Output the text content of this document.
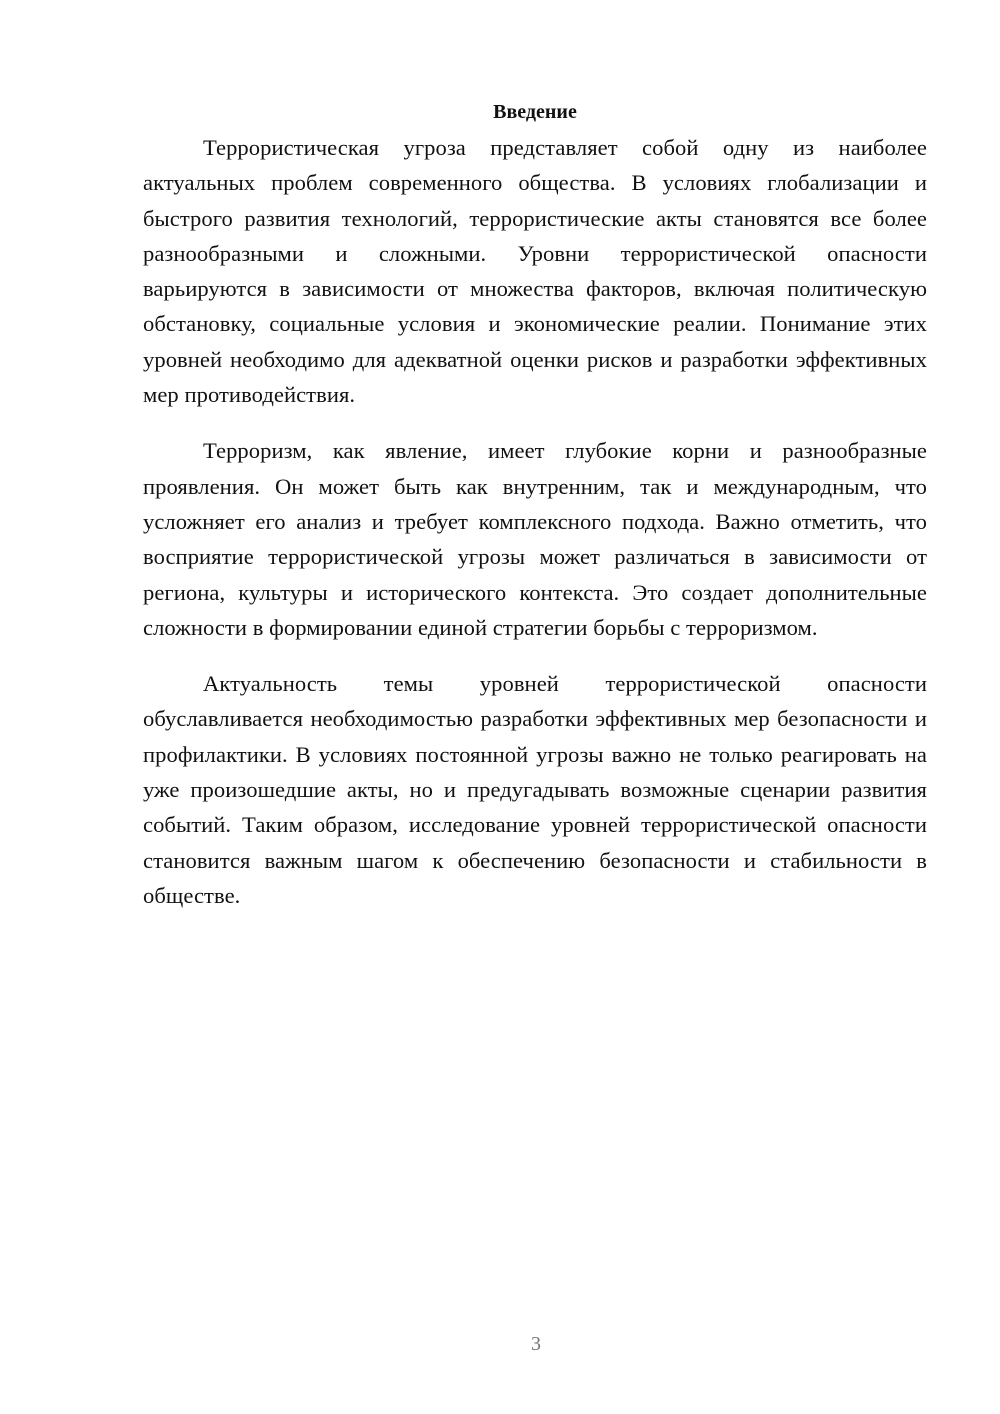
Введение

Террористическая угроза представляет собой одну из наиболее актуальных проблем современного общества. В условиях глобализации и быстрого развития технологий, террористические акты становятся все более разнообразными и сложными. Уровни террористической опасности варьируются в зависимости от множества факторов, включая политическую обстановку, социальные условия и экономические реалии. Понимание этих уровней необходимо для адекватной оценки рисков и разработки эффективных мер противодействия.

Терроризм, как явление, имеет глубокие корни и разнообразные проявления. Он может быть как внутренним, так и международным, что усложняет его анализ и требует комплексного подхода. Важно отметить, что восприятие террористической угрозы может различаться в зависимости от региона, культуры и исторического контекста. Это создает дополнительные сложности в формировании единой стратегии борьбы с терроризмом.

Актуальность темы уровней террористической опасности обуславливается необходимостью разработки эффективных мер безопасности и профилактики. В условиях постоянной угрозы важно не только реагировать на уже произошедшие акты, но и предугадывать возможные сценарии развития событий. Таким образом, исследование уровней террористической опасности становится важным шагом к обеспечению безопасности и стабильности в обществе.

3
